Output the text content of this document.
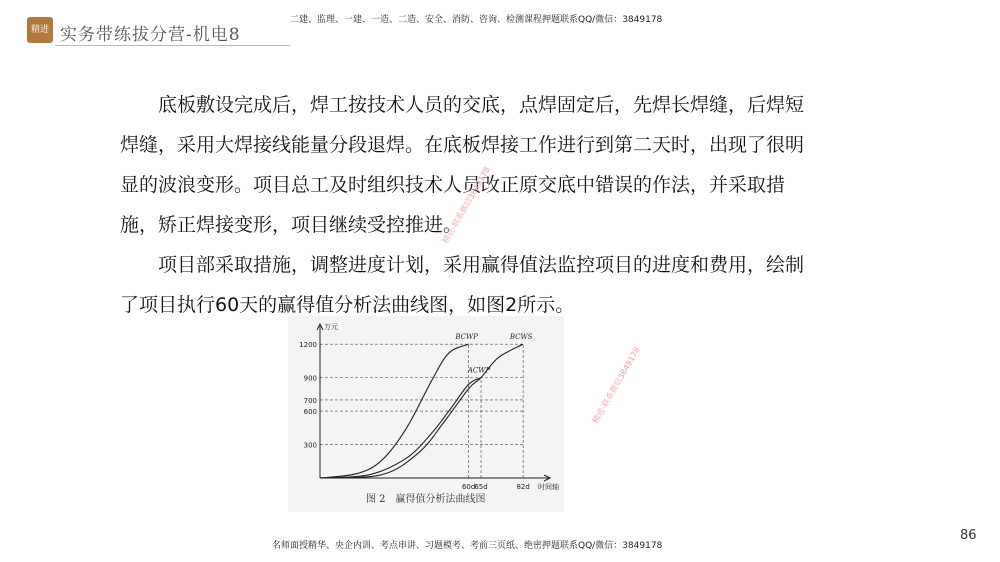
精进 实务带练拔分营-机电8
二建、监理、一建、一造、二造、安全、消防、咨询、检测课程押题联系QQ/微信：3849178

底板敷设完成后，焊工按技术人员的交底，点焊固定后，先焊长焊缝，后焊短焊缝，采用大焊接线能量分段退焊。在底板焊接工作进行到第二天时，出现了很明显的波浪变形。项目总工及时组织技术人员改正原交底中错误的作法，并采取措施，矫正焊接变形，项目继续受控推进。

项目部采取措施，调整进度计划，采用赢得值法监控项目的进度和费用，绘制了项目执行60天的赢得值分析法曲线图，如图2所示。

300
600
700
900
1200
60d 65d	82d
万元
时间轴
BCWP
ACWP
BCWS
图 2　赢得值分析法曲线图
精进-联系微信3849178
精进-联系微信3849178
86
名师面授精华、央企内训、考点串讲、习题模考、考前三页纸、绝密押题联系QQ/微信：3849178
